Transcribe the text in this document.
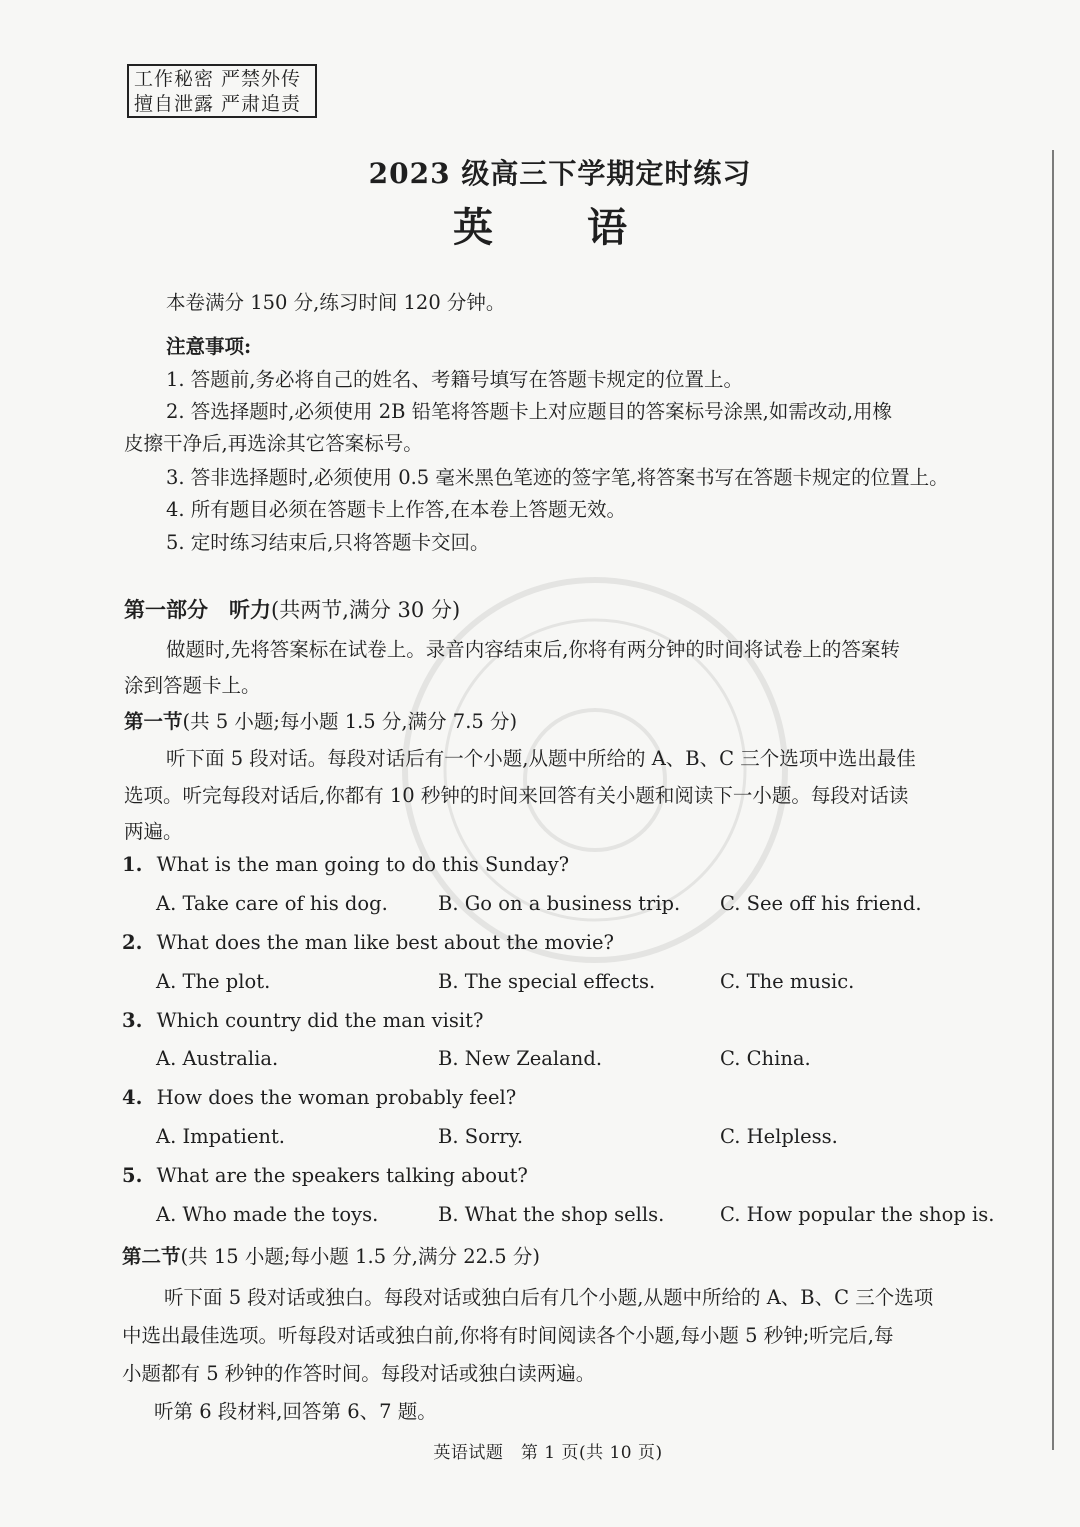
工作秘密 严禁外传
擅自泄露 严肃追责
2023 级高三下学期定时练习
英 语
本卷满分 150 分,练习时间 120 分钟。
注意事项:
1. 答题前,务必将自己的姓名、考籍号填写在答题卡规定的位置上。
2. 答选择题时,必须使用 2B 铅笔将答题卡上对应题目的答案标号涂黑,如需改动,用橡
皮擦干净后,再选涂其它答案标号。
3. 答非选择题时,必须使用 0.5 毫米黑色笔迹的签字笔,将答案书写在答题卡规定的位置上。
4. 所有题目必须在答题卡上作答,在本卷上答题无效。
5. 定时练习结束后,只将答题卡交回。
第一部分　听力(共两节,满分 30 分)
做题时,先将答案标在试卷上。录音内容结束后,你将有两分钟的时间将试卷上的答案转
涂到答题卡上。
第一节(共 5 小题;每小题 1.5 分,满分 7.5 分)
听下面 5 段对话。每段对话后有一个小题,从题中所给的 A、B、C 三个选项中选出最佳
选项。听完每段对话后,你都有 10 秒钟的时间来回答有关小题和阅读下一小题。每段对话读
两遍。
1. What is the man going to do this Sunday?
A. Take care of his dog.	B. Go on a business trip. C. See off his friend.
2. What does the man like best about the movie?
A. The plot.	B. The special effects.	C. The music.
3. Which country did the man visit?
A. Australia.	B. New Zealand.	C. China.
4. How does the woman probably feel?
A. Impatient.	B. Sorry.	C. Helpless.
5. What are the speakers talking about?
A. Who made the toys.	B. What the shop sells.	C. How popular the shop is.
第二节(共 15 小题;每小题 1.5 分,满分 22.5 分)
听下面 5 段对话或独白。每段对话或独白后有几个小题,从题中所给的 A、B、C 三个选项
中选出最佳选项。听每段对话或独白前,你将有时间阅读各个小题,每小题 5 秒钟;听完后,每
小题都有 5 秒钟的作答时间。每段对话或独白读两遍。
听第 6 段材料,回答第 6、7 题。
英语试题　第 1 页(共 10 页)
